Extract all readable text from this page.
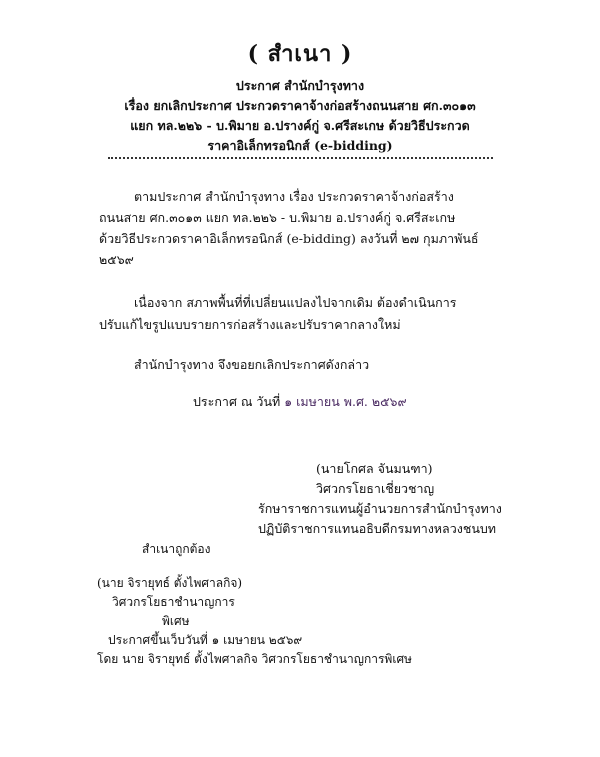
( สำเนา )
ประกาศ สำนักบำรุงทาง
เรื่อง ยกเลิกประกาศ ประกวดราคาจ้างก่อสร้างถนนสาย ศก.๓๐๑๓
แยก ทล.๒๒๖ - บ.พิมาย อ.ปรางค์กู่ จ.ศรีสะเกษ ด้วยวิธีประกวด
ราคาอิเล็กทรอนิกส์ (e-bidding)
ตามประกาศ สำนักบำรุงทาง เรื่อง ประกวดราคาจ้างก่อสร้าง
ถนนสาย ศก.๓๐๑๓ แยก ทล.๒๒๖ - บ.พิมาย อ.ปรางค์กู่ จ.ศรีสะเกษ
ด้วยวิธีประกวดราคาอิเล็กทรอนิกส์ (e-bidding) ลงวันที่ ๒๗ กุมภาพันธ์
๒๕๖๙
เนื่องจาก สภาพพื้นที่ที่เปลี่ยนแปลงไปจากเดิม ต้องดำเนินการ
ปรับแก้ไขรูปแบบรายการก่อสร้างและปรับราคากลางใหม่
สำนักบำรุงทาง จึงขอยกเลิกประกาศดังกล่าว
ประกาศ ณ วันที่ ๑ เมษายน พ.ศ. ๒๕๖๙
(นายโกศล จันมนฑา)
วิศวกรโยธาเชี่ยวชาญ
รักษาราชการแทนผู้อำนวยการสำนักบำรุงทาง
ปฏิบัติราชการแทนอธิบดีกรมทางหลวงชนบท
สำเนาถูกต้อง
(นาย จิรายุทธ์ ตั้งไพศาลกิจ)
วิศวกรโยธาชำนาญการ
พิเศษ
ประกาศขึ้นเว็บวันที่ ๑ เมษายน ๒๕๖๙
โดย นาย จิรายุทธ์ ตั้งไพศาลกิจ วิศวกรโยธาชำนาญการพิเศษ
